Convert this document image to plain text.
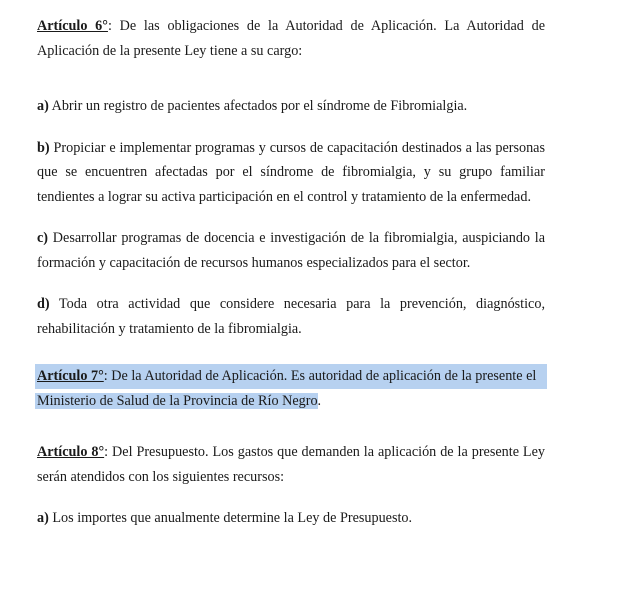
Artículo 6°: De las obligaciones de la Autoridad de Aplicación. La Autoridad de Aplicación de la presente Ley tiene a su cargo:

a) Abrir un registro de pacientes afectados por el síndrome de Fibromialgia.

b) Propiciar e implementar programas y cursos de capacitación destinados a las personas que se encuentren afectadas por el síndrome de fibromialgia, y su grupo familiar tendientes a lograr su activa participación en el control y tratamiento de la enfermedad.

c) Desarrollar programas de docencia e investigación de la fibromialgia, auspiciando la formación y capacitación de recursos humanos especializados para el sector.

d) Toda otra actividad que considere necesaria para la prevención, diagnóstico, rehabilitación y tratamiento de la fibromialgia.

Artículo 7°: De la Autoridad de Aplicación. Es autoridad de aplicación de la presente el
Ministerio de Salud de la Provincia de Río Negro.

Artículo 8°: Del Presupuesto. Los gastos que demanden la aplicación de la presente Ley serán atendidos con los siguientes recursos:

a) Los importes que anualmente determine la Ley de Presupuesto.
